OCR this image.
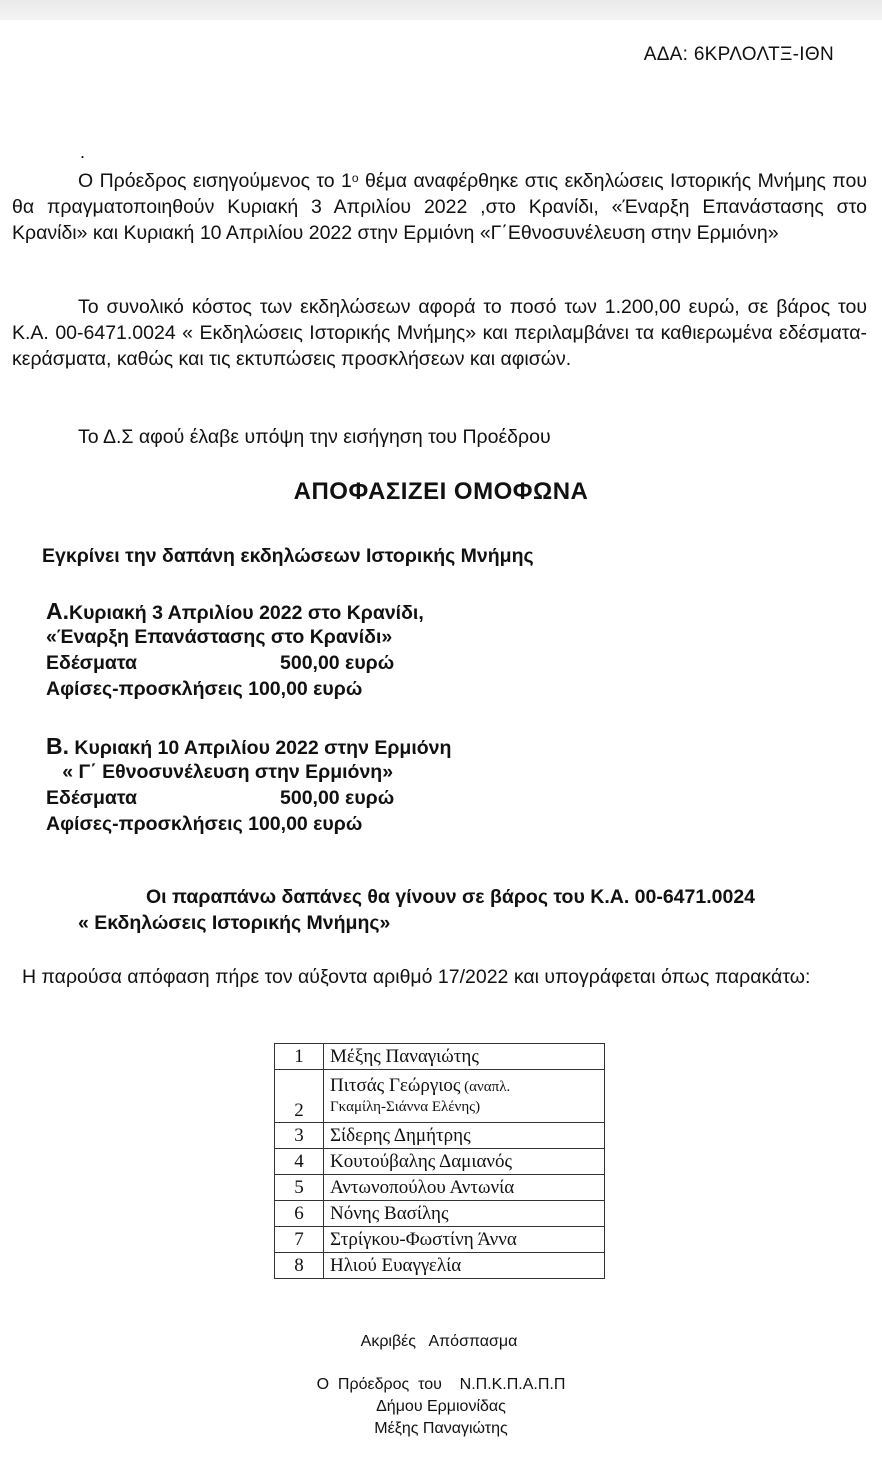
ΑΔΑ: 6ΚΡΛΟΛΤΞ-ΙΘΝ
.
Ο Πρόεδρος εισηγούμενος το $1^o$ θέμα αναφέρθηκε στις εκδηλώσεις Ιστορικής Μνήμης που θα πραγματοποιηθούν Κυριακή 3 Απριλίου 2022 ,στο Κρανίδι, «Έναρξη Επανάστασης στο Κρανίδι» και Κυριακή 10 Απριλίου 2022 στην Ερμιόνη «Γ΄Εθνοσυνέλευση στην Ερμιόνη»
Το συνολικό κόστος των εκδηλώσεων αφορά το ποσό των 1.200,00 ευρώ, σε βάρος του Κ.Α. 00-6471.0024 « Εκδηλώσεις Ιστορικής Μνήμης» και περιλαμβάνει τα καθιερωμένα εδέσματα-κεράσματα, καθώς και τις εκτυπώσεις προσκλήσεων και αφισών.
Το Δ.Σ αφού έλαβε υπόψη την εισήγηση του Προέδρου
ΑΠΟΦΑΣΙΖΕΙ ΟΜΟΦΩΝΑ
Εγκρίνει την δαπάνη εκδηλώσεων Ιστορικής Μνήμης
Α.Κυριακή 3 Απριλίου 2022 στο Κρανίδι,
«Έναρξη Επανάστασης στο Κρανίδι»
Εδέσματα	500,00 ευρώ
Αφίσες-προσκλήσεις 100,00 ευρώ
Β. Κυριακή 10 Απριλίου 2022 στην Ερμιόνη
« Γ΄ Εθνοσυνέλευση στην Ερμιόνη»
Εδέσματα	500,00 ευρώ
Αφίσες-προσκλήσεις 100,00 ευρώ
Οι παραπάνω δαπάνες θα γίνουν σε βάρος του Κ.Α. 00-6471.0024
« Εκδηλώσεις Ιστορικής Μνήμης»
Η παρούσα απόφαση πήρε τον αύξοντα αριθμό 17/2022 και υπογράφεται όπως παρακάτω:
1	Μέξης Παναγιώτης
2	Πιτσάς Γεώργιος (αναπλ.
Γκαμίλη-Σιάννα Ελένης)

3	Σίδερης Δημήτρης
4	Κουτούβαλης Δαμιανός
5	Αντωνοπούλου Αντωνία
6	Νόνης Βασίλης
7	Στρίγκου-Φωστίνη Άννα
8	Ηλιού Ευαγγελία
Ακριβές   Απόσπασμα
Ο  Πρόεδρος  του    Ν.Π.Κ.Π.Α.Π.Π
Δήμου Ερμιονίδας
Μέξης Παναγιώτης
